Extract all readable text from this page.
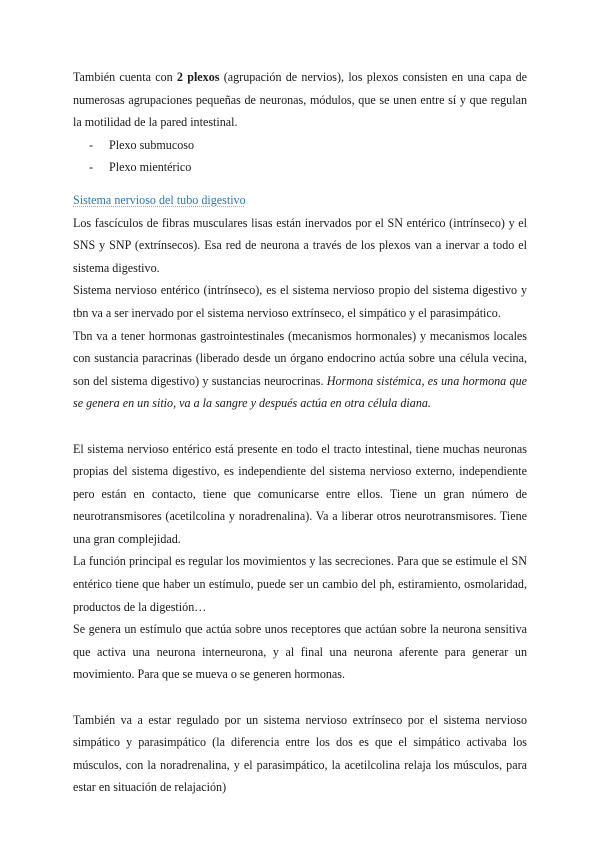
También cuenta con 2 plexos (agrupación de nervios), los plexos consisten en una capa de numerosas agrupaciones pequeñas de neuronas, módulos, que se unen entre sí y que regulan la motilidad de la pared intestinal.

-	Plexo submucoso
-	Plexo mientérico
Sistema nervioso del tubo digestivo

Los fascículos de fibras musculares lisas están inervados por el SN entérico (intrínseco) y el SNS y SNP (extrínsecos). Esa red de neurona a través de los plexos van a inervar a todo el sistema digestivo.

Sistema nervioso entérico (intrínseco), es el sistema nervioso propio del sistema digestivo y tbn va a ser inervado por el sistema nervioso extrínseco, el simpático y el parasimpático.

Tbn va a tener hormonas gastrointestinales (mecanismos hormonales) y mecanismos locales con sustancia paracrinas (liberado desde un órgano endocrino actúa sobre una célula vecina, son del sistema digestivo) y sustancias neurocrinas. Hormona sistémica, es una hormona que se genera en un sitio, va a la sangre y después actúa en otra célula diana.

El sistema nervioso entérico está presente en todo el tracto intestinal, tiene muchas neuronas propias del sistema digestivo, es independiente del sistema nervioso externo, independiente pero están en contacto, tiene que comunicarse entre ellos. Tiene un gran número de neurotransmisores (acetilcolina y noradrenalina). Va a liberar otros neurotransmisores. Tiene una gran complejidad.

La función principal es regular los movimientos y las secreciones. Para que se estimule el SN entérico tiene que haber un estímulo, puede ser un cambio del ph, estiramiento, osmolaridad, productos de la digestión…

Se genera un estímulo que actúa sobre unos receptores que actúan sobre la neurona sensitiva que activa una neurona interneurona, y al final una neurona aferente para generar un movimiento. Para que se mueva o se generen hormonas.

También va a estar regulado por un sistema nervioso extrínseco por el sistema nervioso simpático y parasimpático (la diferencia entre los dos es que el simpático activaba los músculos, con la noradrenalina, y el parasimpático, la acetilcolina relaja los músculos, para estar en situación de relajación)
